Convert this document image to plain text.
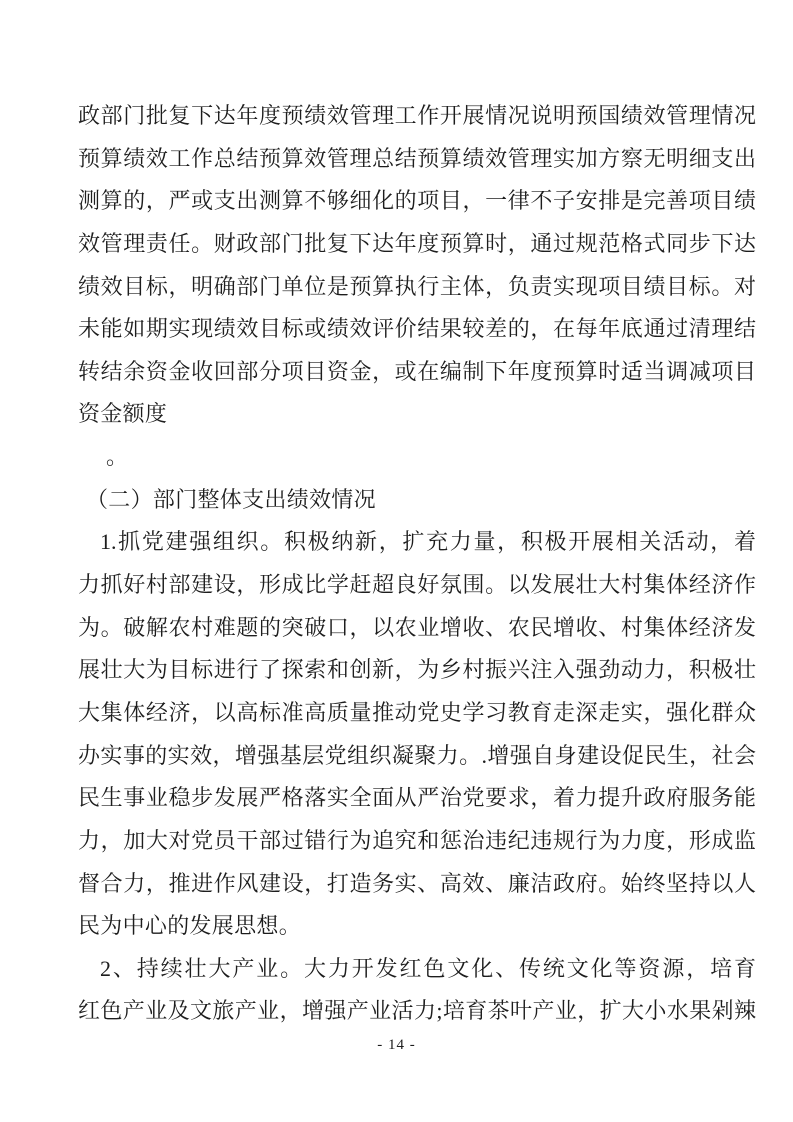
政部门批复下达年度预绩效管理工作开展情况说明预国绩效管理情况
预算绩效工作总结预算效管理总结预算绩效管理实加方察无明细支出
测算的，严或支出测算不够细化的项目，一律不子安排是完善项目绩
效管理责任。财政部门批复下达年度预算时，通过规范格式同步下达
绩效目标，明确部门单位是预算执行主体，负责实现项目绩目标。对
未能如期实现绩效目标或绩效评价结果较差的，在每年底通过清理结
转结余资金收回部分项目资金，或在编制下年度预算时适当调减项目
资金额度
。
（二）部门整体支出绩效情况
1.抓党建强组织。积极纳新，扩充力量，积极开展相关活动，着
力抓好村部建设，形成比学赶超良好氛围。以发展壮大村集体经济作
为。破解农村难题的突破口，以农业增收、农民增收、村集体经济发
展壮大为目标进行了探索和创新，为乡村振兴注入强劲动力，积极壮
大集体经济，以高标准高质量推动党史学习教育走深走实，强化群众
办实事的实效，增强基层党组织凝聚力。.增强自身建设促民生，社会
民生事业稳步发展严格落实全面从严治党要求，着力提升政府服务能
力，加大对党员干部过错行为追究和惩治违纪违规行为力度，形成监
督合力，推进作风建设，打造务实、高效、廉洁政府。始终坚持以人
民为中心的发展思想。
2、持续壮大产业。大力开发红色文化、传统文化等资源，培育
红色产业及文旅产业，增强产业活力;培育茶叶产业，扩大小水果剁辣
- 14 -
